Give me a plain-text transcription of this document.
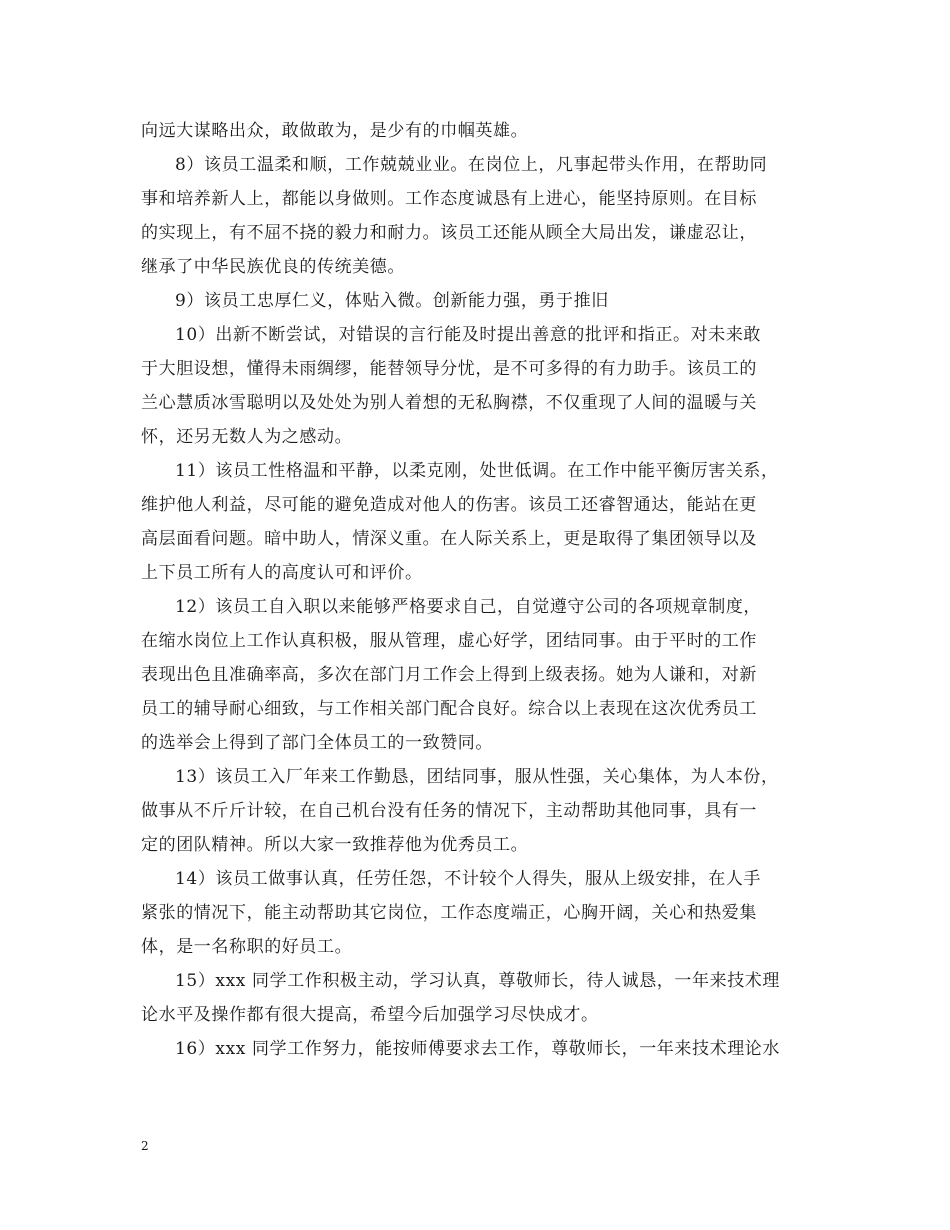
向远大谋略出众，敢做敢为，是少有的巾帼英雄。

8）该员工温柔和顺，工作兢兢业业。在岗位上，凡事起带头作用，在帮助同
事和培养新人上，都能以身做则。工作态度诚恳有上进心，能坚持原则。在目标
的实现上，有不屈不挠的毅力和耐力。该员工还能从顾全大局出发，谦虚忍让，
继承了中华民族优良的传统美德。

9）该员工忠厚仁义，体贴入微。创新能力强，勇于推旧

10）出新不断尝试，对错误的言行能及时提出善意的批评和指正。对未来敢
于大胆设想，懂得未雨绸缪，能替领导分忧，是不可多得的有力助手。该员工的
兰心慧质冰雪聪明以及处处为别人着想的无私胸襟，不仅重现了人间的温暖与关
怀，还另无数人为之感动。

11）该员工性格温和平静，以柔克刚，处世低调。在工作中能平衡厉害关系，
维护他人利益，尽可能的避免造成对他人的伤害。该员工还睿智通达，能站在更
高层面看问题。暗中助人，情深义重。在人际关系上，更是取得了集团领导以及
上下员工所有人的高度认可和评价。

12）该员工自入职以来能够严格要求自己，自觉遵守公司的各项规章制度，
在缩水岗位上工作认真积极，服从管理，虚心好学，团结同事。由于平时的工作
表现出色且准确率高，多次在部门月工作会上得到上级表扬。她为人谦和，对新
员工的辅导耐心细致，与工作相关部门配合良好。综合以上表现在这次优秀员工
的选举会上得到了部门全体员工的一致赞同。

13）该员工入厂年来工作勤恳，团结同事，服从性强，关心集体，为人本份，
做事从不斤斤计较，在自己机台没有任务的情况下，主动帮助其他同事，具有一
定的团队精神。所以大家一致推荐他为优秀员工。

14）该员工做事认真，任劳任怨，不计较个人得失，服从上级安排，在人手
紧张的情况下，能主动帮助其它岗位，工作态度端正，心胸开阔，关心和热爱集
体，是一名称职的好员工。

15）xxx 同学工作积极主动，学习认真，尊敬师长，待人诚恳，一年来技术理
论水平及操作都有很大提高，希望今后加强学习尽快成才。

16）xxx 同学工作努力，能按师傅要求去工作，尊敬师长，一年来技术理论水

2
